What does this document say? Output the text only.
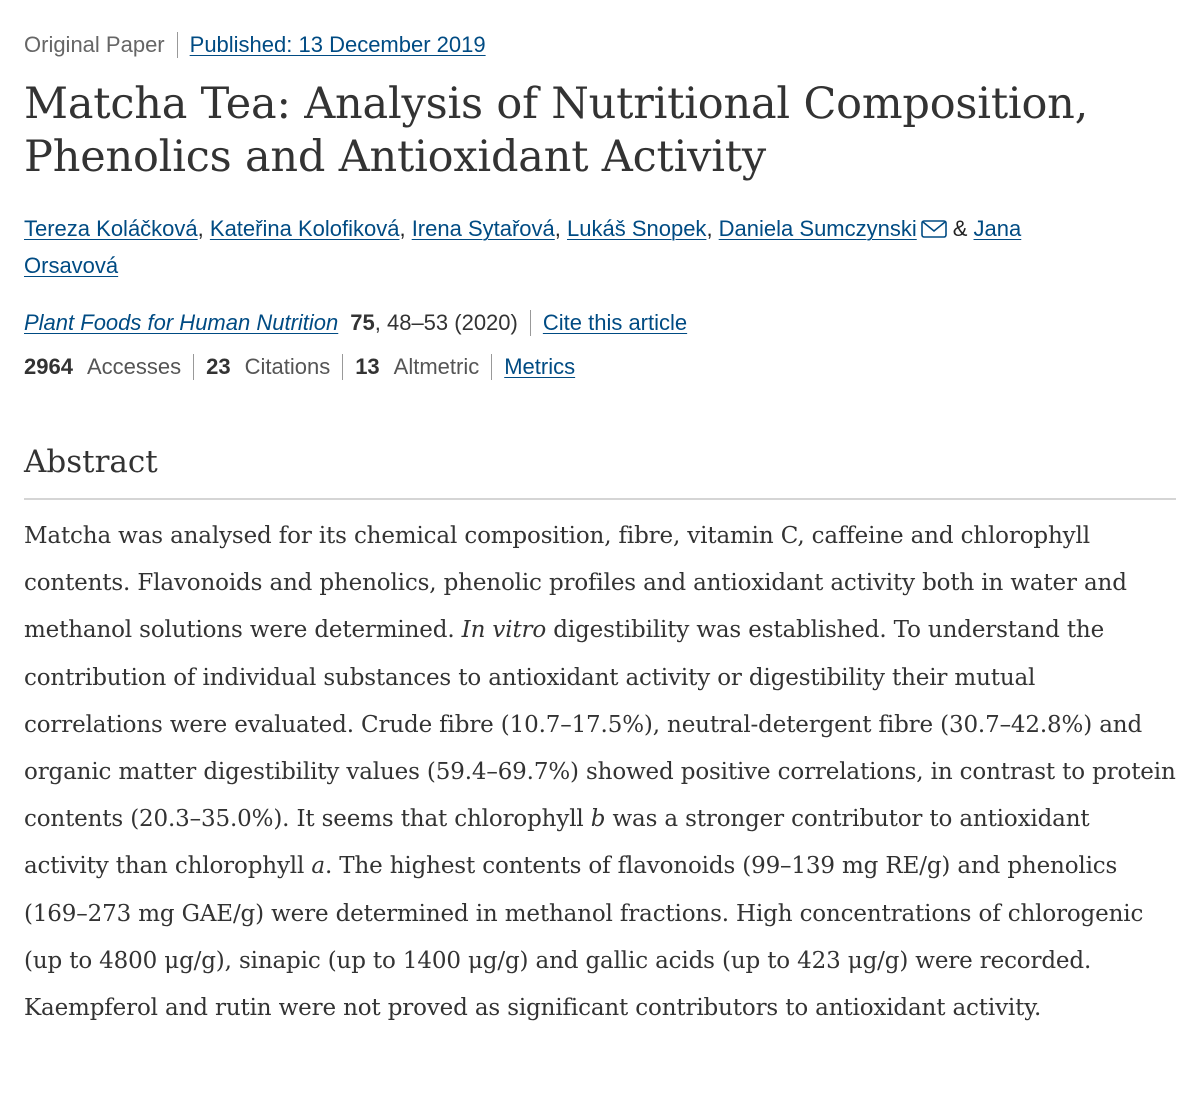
Original Paper Published: 13 December 2019
Matcha Tea: Analysis of Nutritional Composition,
Phenolics and Antioxidant Activity
Tereza Koláčková, Kateřina Kolofiková, Irena Sytařová, Lukáš Snopek, Daniela Sumczynski & Jana
Orsavová
Plant Foods for Human Nutrition 75 , 48–53 (2020) Cite this article
2964 Accesses 23 Citations 13 Altmetric Metrics
Abstract

Matcha was analysed for its chemical composition, fibre, vitamin C, caffeine and chlorophyll contents. Flavonoids and phenolics, phenolic profiles and antioxidant activity both in water and methanol solutions were determined. In vitro digestibility was established. To understand the contribution of individual substances to antioxidant activity or digestibility their mutual correlations were evaluated. Crude fibre (10.7–17.5%), neutral-detergent fibre (30.7–42.8%) and organic matter digestibility values (59.4–69.7%) showed positive correlations, in contrast to protein contents (20.3–35.0%). It seems that chlorophyll b was a stronger contributor to antioxidant activity than chlorophyll a. The highest contents of flavonoids (99–139 mg RE/g) and phenolics (169–273 mg GAE/g) were determined in methanol fractions. High concentrations of chlorogenic (up to 4800 μg/g), sinapic (up to 1400 μg/g) and gallic acids (up to 423 μg/g) were recorded. Kaempferol and rutin were not proved as significant contributors to antioxidant activity.
